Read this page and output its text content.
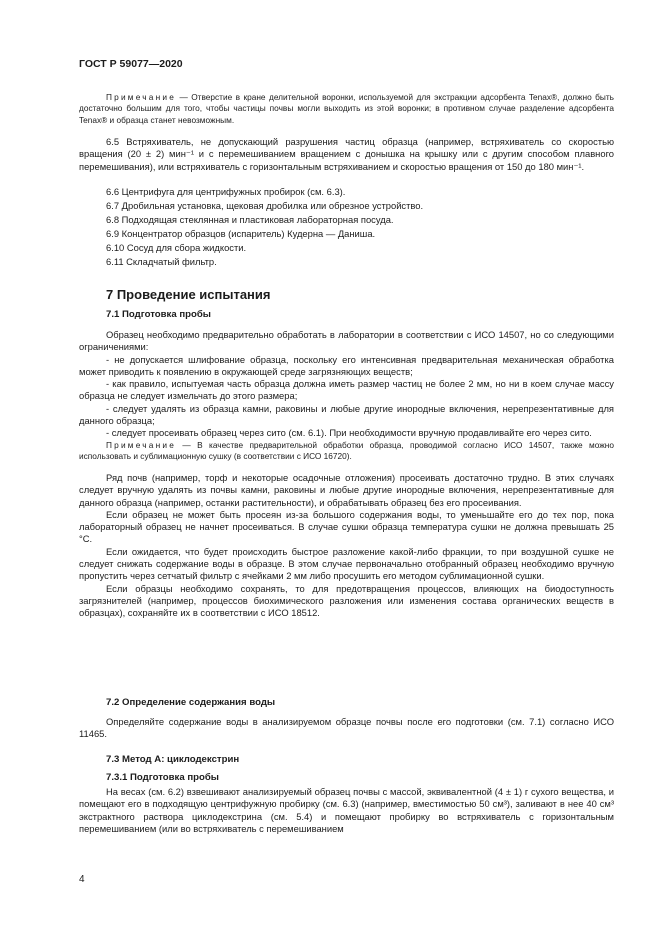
ГОСТ Р 59077—2020

Примечание — Отверстие в кране делительной воронки, используемой для экстракции адсорбента Tenax®, должно быть достаточно большим для того, чтобы частицы почвы могли выходить из этой воронки; в противном случае разделение адсорбента Tenax® и образца станет невозможным.

6.5 Встряхиватель, не допускающий разрушения частиц образца (например, встряхиватель со скоростью вращения (20 ± 2) мин⁻¹ и с перемешиванием вращением с донышка на крышку или с другим способом плавного перемешивания), или встряхиватель с горизонтальным встряхиванием и скоростью вращения от 150 до 180 мин⁻¹.

6.6 Центрифуга для центрифужных пробирок (см. 6.3).
6.7 Дробильная установка, щековая дробилка или обрезное устройство.
6.8 Подходящая стеклянная и пластиковая лабораторная посуда.
6.9 Концентратор образцов (испаритель) Кудерна — Даниша.
6.10 Сосуд для сбора жидкости.
6.11 Складчатый фильтр.
7 Проведение испытания
7.1 Подготовка пробы

Образец необходимо предварительно обработать в лаборатории в соответствии с ИСО 14507, но со следующими ограничениями:

- не допускается шлифование образца, поскольку его интенсивная предварительная механическая обработка может приводить к появлению в окружающей среде загрязняющих веществ;

- как правило, испытуемая часть образца должна иметь размер частиц не более 2 мм, но ни в коем случае массу образца не следует измельчать до этого размера;

- следует удалять из образца камни, раковины и любые другие инородные включения, нерепрезентативные для данного образца;

- следует просеивать образец через сито (см. 6.1). При необходимости вручную продавливайте его через сито.

Примечание — В качестве предварительной обработки образца, проводимой согласно ИСО 14507, также можно использовать и сублимационную сушку (в соответствии с ИСО 16720).

Ряд почв (например, торф и некоторые осадочные отложения) просеивать достаточно трудно. В этих случаях следует вручную удалять из почвы камни, раковины и любые другие инородные включения, нерепрезентативные для данного образца (например, останки растительности), и обрабатывать образец без его просеивания.

Если образец не может быть просеян из-за большого содержания воды, то уменьшайте его до тех пор, пока лабораторный образец не начнет просеиваться. В случае сушки образца температура сушки не должна превышать 25 °С.

Если ожидается, что будет происходить быстрое разложение какой-либо фракции, то при воздушной сушке не следует снижать содержание воды в образце. В этом случае первоначально отобранный образец необходимо вручную пропустить через сетчатый фильтр с ячейками 2 мм либо просушить его методом сублимационной сушки.

Если образцы необходимо сохранять, то для предотвращения процессов, влияющих на биодоступность загрязнителей (например, процессов биохимического разложения или изменения состава органических веществ в образцах), сохраняйте их в соответствии с ИСО 18512.

7.2 Определение содержания воды

Определяйте содержание воды в анализируемом образце почвы после его подготовки (см. 7.1) согласно ИСО 11465.

7.3 Метод А: циклодекстрин
7.3.1 Подготовка пробы

На весах (см. 6.2) взвешивают анализируемый образец почвы с массой, эквивалентной (4 ± 1) г сухого вещества, и помещают его в подходящую центрифужную пробирку (см. 6.3) (например, вместимостью 50 см³), заливают в нее 40 см³ экстрактного раствора циклодекстрина (см. 5.4) и помещают пробирку во встряхиватель с горизонтальным перемешиванием (или во встряхиватель с перемешиванием

4
